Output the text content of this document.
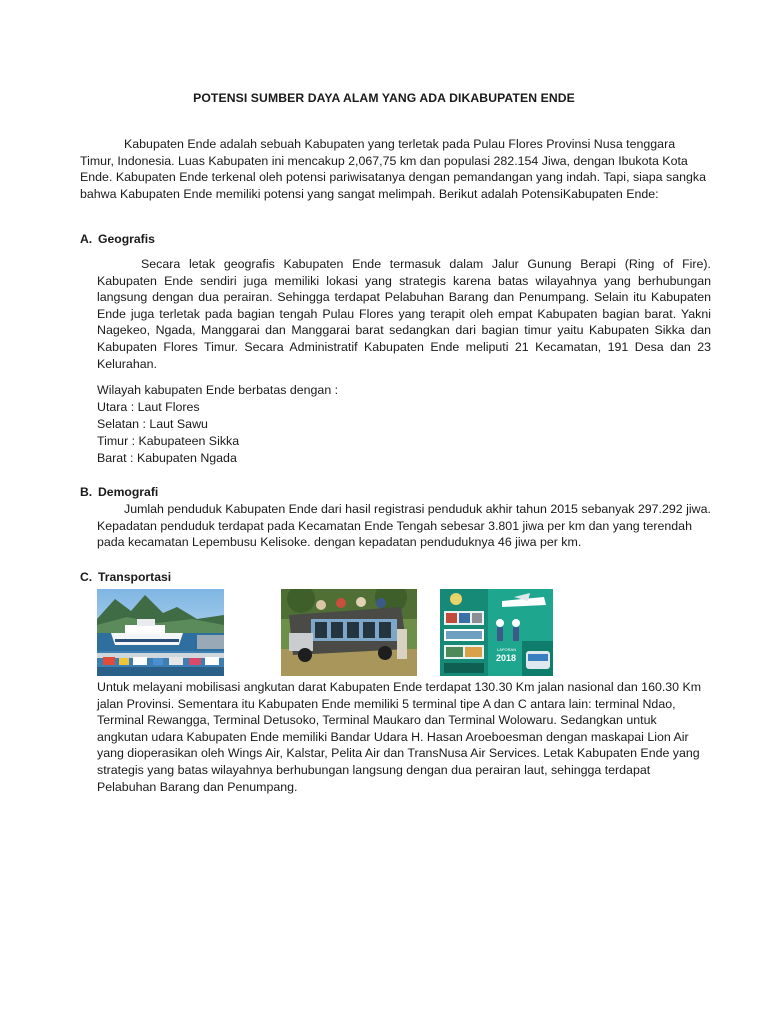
POTENSI SUMBER DAYA ALAM YANG ADA DIKABUPATEN ENDE
Kabupaten Ende adalah sebuah Kabupaten yang terletak pada Pulau Flores Provinsi Nusa tenggara Timur, Indonesia. Luas Kabupaten ini mencakup 2,067,75 km dan populasi 282.154 Jiwa, dengan Ibukota Kota Ende. Kabupaten Ende terkenal oleh potensi pariwisatanya dengan pemandangan yang indah. Tapi, siapa sangka bahwa Kabupaten Ende memiliki potensi yang sangat melimpah. Berikut adalah PotensiKabupaten Ende:
A. Geografis
Secara letak geografis Kabupaten Ende termasuk dalam Jalur Gunung Berapi (Ring of Fire). Kabupaten Ende sendiri juga memiliki lokasi yang strategis karena batas wilayahnya yang berhubungan langsung dengan dua perairan. Sehingga terdapat Pelabuhan Barang dan Penumpang. Selain itu Kabupaten Ende juga terletak pada bagian tengah Pulau Flores yang terapit oleh empat Kabupaten bagian barat. Yakni Nagekeo, Ngada, Manggarai dan Manggarai barat sedangkan dari bagian timur yaitu Kabupaten Sikka dan Kabupaten Flores Timur. Secara Administratif Kabupaten Ende meliputi 21 Kecamatan, 191 Desa dan 23 Kelurahan.
Wilayah kabupaten Ende berbatas dengan :
Utara : Laut Flores
Selatan : Laut Sawu
Timur : Kabupateen Sikka
Barat : Kabupaten Ngada
B. Demografi
Jumlah penduduk Kabupaten Ende dari hasil registrasi penduduk akhir tahun 2015 sebanyak 297.292 jiwa. Kepadatan penduduk terdapat pada Kecamatan Ende Tengah sebesar 3.801 jiwa per km dan yang terendah pada kecamatan Lepembusu Kelisoke. dengan kepadatan penduduknya 46 jiwa per km.
C. Transportasi
LAPORAN
2018
Untuk melayani mobilisasi angkutan darat Kabupaten Ende terdapat 130.30 Km jalan nasional dan 160.30 Km jalan Provinsi. Sementara itu Kabupaten Ende memiliki 5 terminal tipe A dan C antara lain: terminal Ndao, Terminal Rewangga, Terminal Detusoko, Terminal Maukaro dan Terminal Wolowaru. Sedangkan untuk angkutan udara Kabupaten Ende memiliki Bandar Udara H. Hasan Aroeboesman dengan maskapai Lion Air yang dioperasikan oleh Wings Air, Kalstar, Pelita Air dan TransNusa Air Services. Letak Kabupaten Ende yang strategis yang batas wilayahnya berhubungan langsung dengan dua perairan laut, sehingga terdapat Pelabuhan Barang dan Penumpang.
